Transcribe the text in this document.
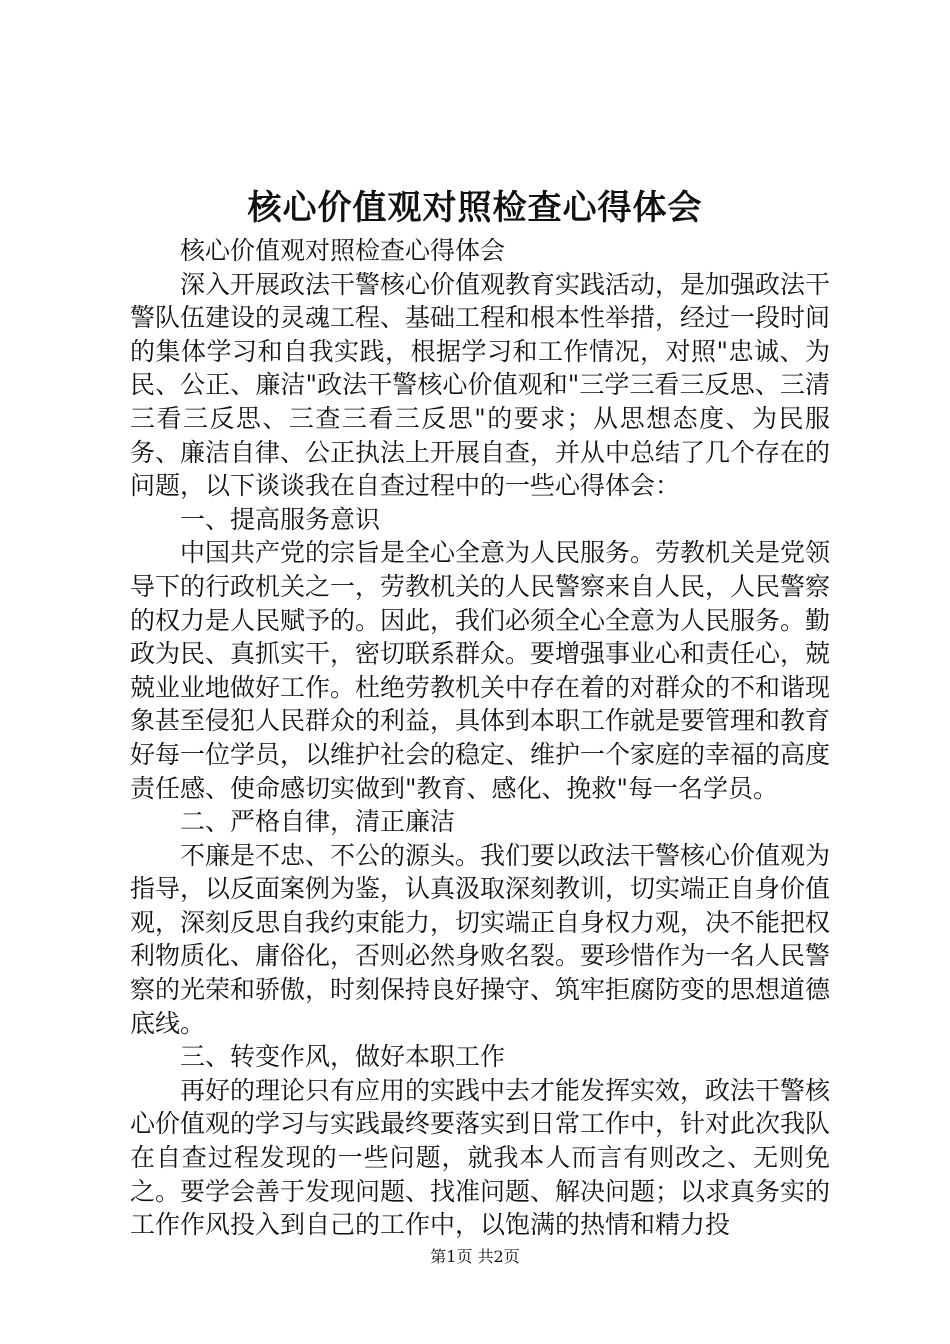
核心价值观对照检查心得体会

核心价值观对照检查心得体会

深入开展政法干警核心价值观教育实践活动，是加强政法干警队伍建设的灵魂工程、基础工程和根本性举措，经过一段时间的集体学习和自我实践，根据学习和工作情况，对照"忠诚、为民、公正、廉洁"政法干警核心价值观和"三学三看三反思、三清三看三反思、三查三看三反思"的要求；从思想态度、为民服务、廉洁自律、公正执法上开展自查，并从中总结了几个存在的问题，以下谈谈我在自查过程中的一些心得体会：

一、提高服务意识

中国共产党的宗旨是全心全意为人民服务。劳教机关是党领导下的行政机关之一，劳教机关的人民警察来自人民，人民警察的权力是人民赋予的。因此，我们必须全心全意为人民服务。勤政为民、真抓实干，密切联系群众。要增强事业心和责任心，兢兢业业地做好工作。杜绝劳教机关中存在着的对群众的不和谐现象甚至侵犯人民群众的利益，具体到本职工作就是要管理和教育好每一位学员，以维护社会的稳定、维护一个家庭的幸福的高度责任感、使命感切实做到"教育、感化、挽救"每一名学员。

二、严格自律，清正廉洁

不廉是不忠、不公的源头。我们要以政法干警核心价值观为指导，以反面案例为鉴，认真汲取深刻教训，切实端正自身价值观，深刻反思自我约束能力，切实端正自身权力观，决不能把权利物质化、庸俗化，否则必然身败名裂。要珍惜作为一名人民警察的光荣和骄傲，时刻保持良好操守、筑牢拒腐防变的思想道德底线。

三、转变作风，做好本职工作

再好的理论只有应用的实践中去才能发挥实效，政法干警核心价值观的学习与实践最终要落实到日常工作中，针对此次我队在自查过程发现的一些问题，就我本人而言有则改之、无则免之。要学会善于发现问题、找准问题、解决问题；以求真务实的工作作风投入到自己的工作中，以饱满的热情和精力投

第1页 共2页
